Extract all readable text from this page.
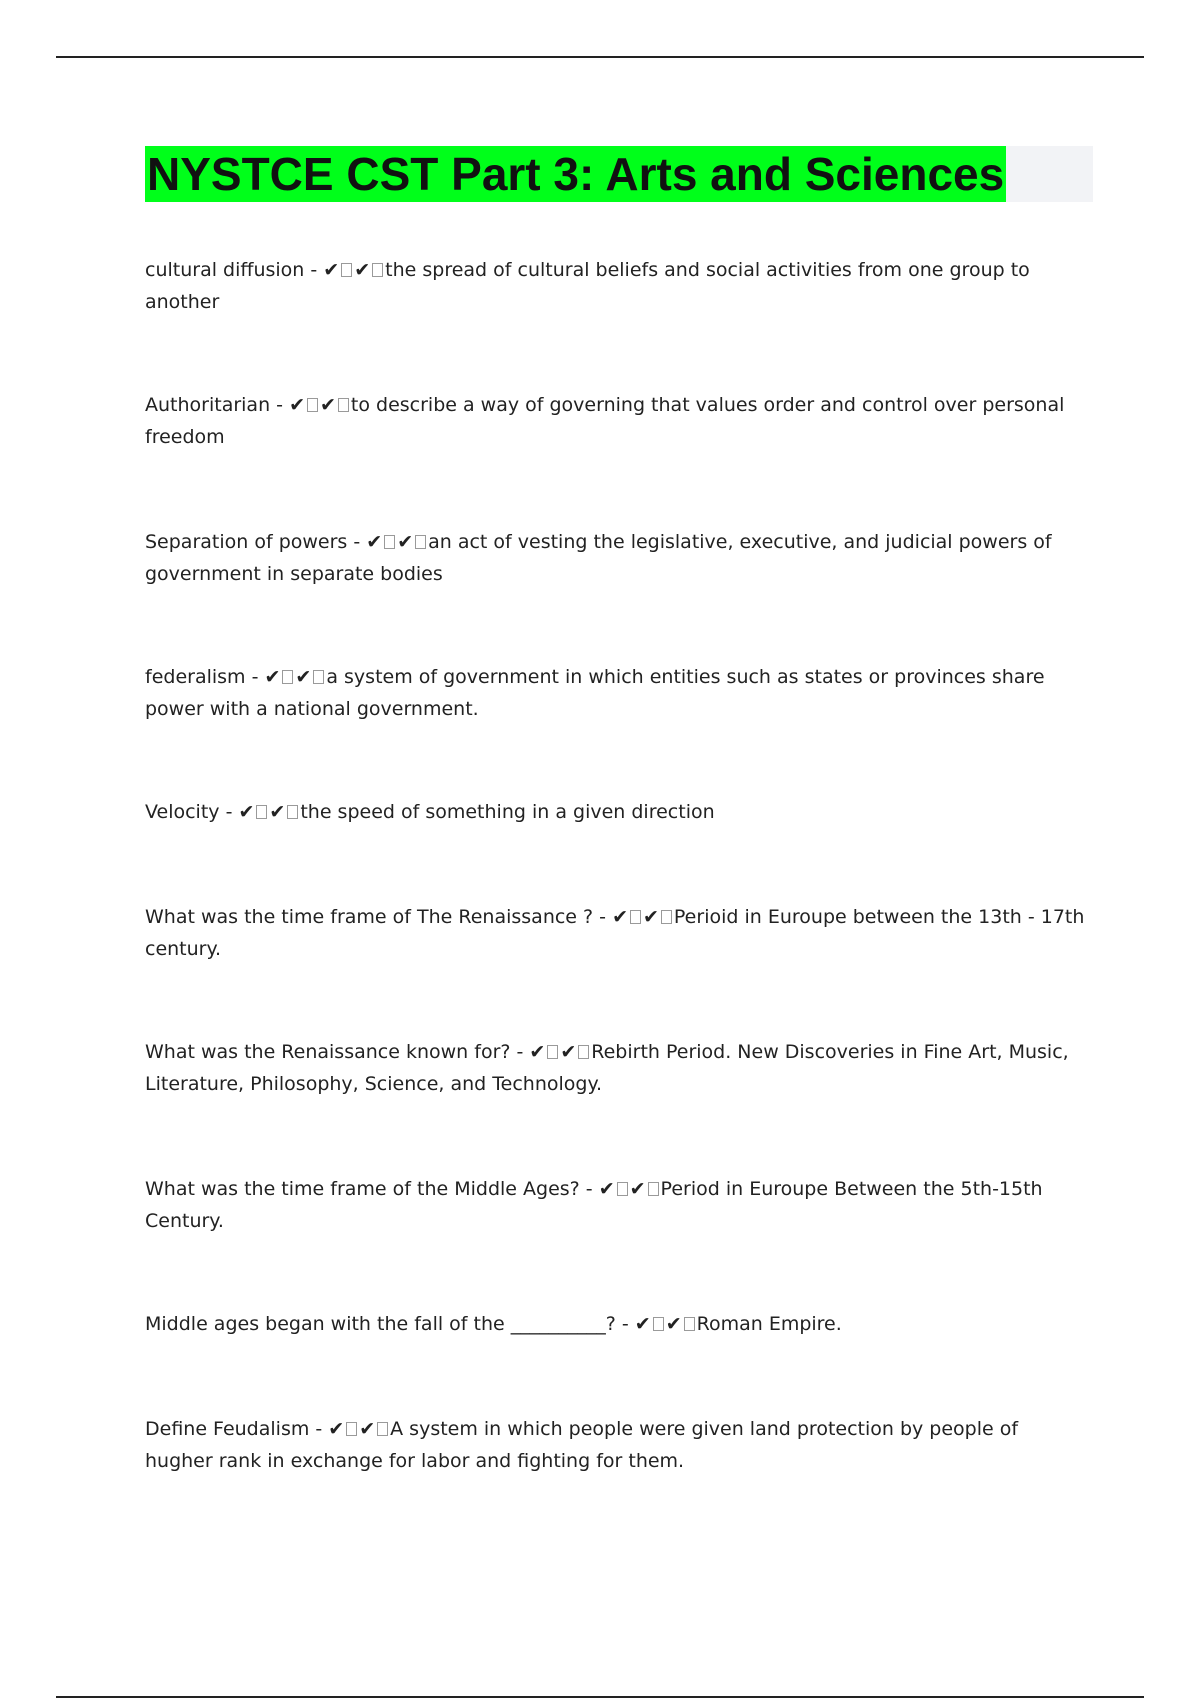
NYSTCE CST Part 3: Arts and Sciences

cultural diffusion - ✔ ✔ the spread of cultural beliefs and social activities from one group to another

Authoritarian - ✔ ✔ to describe a way of governing that values order and control over personal freedom

Separation of powers - ✔ ✔ an act of vesting the legislative, executive, and judicial powers of government in separate bodies

federalism - ✔ ✔ a system of government in which entities such as states or provinces share power with a national government.

Velocity - ✔ ✔ the speed of something in a given direction

What was the time frame of The Renaissance ? - ✔ ✔ Perioid in Euroupe between the 13th - 17th century.

What was the Renaissance known for? - ✔ ✔ Rebirth Period. New Discoveries in Fine Art, Music, Literature, Philosophy, Science, and Technology.

What was the time frame of the Middle Ages? - ✔ ✔ Period in Euroupe Between the 5th-15th Century.

Middle ages began with the fall of the __________? - ✔ ✔ Roman Empire.

Define Feudalism - ✔ ✔ A system in which people were given land protection by people of hugher rank in exchange for labor and fighting for them.
